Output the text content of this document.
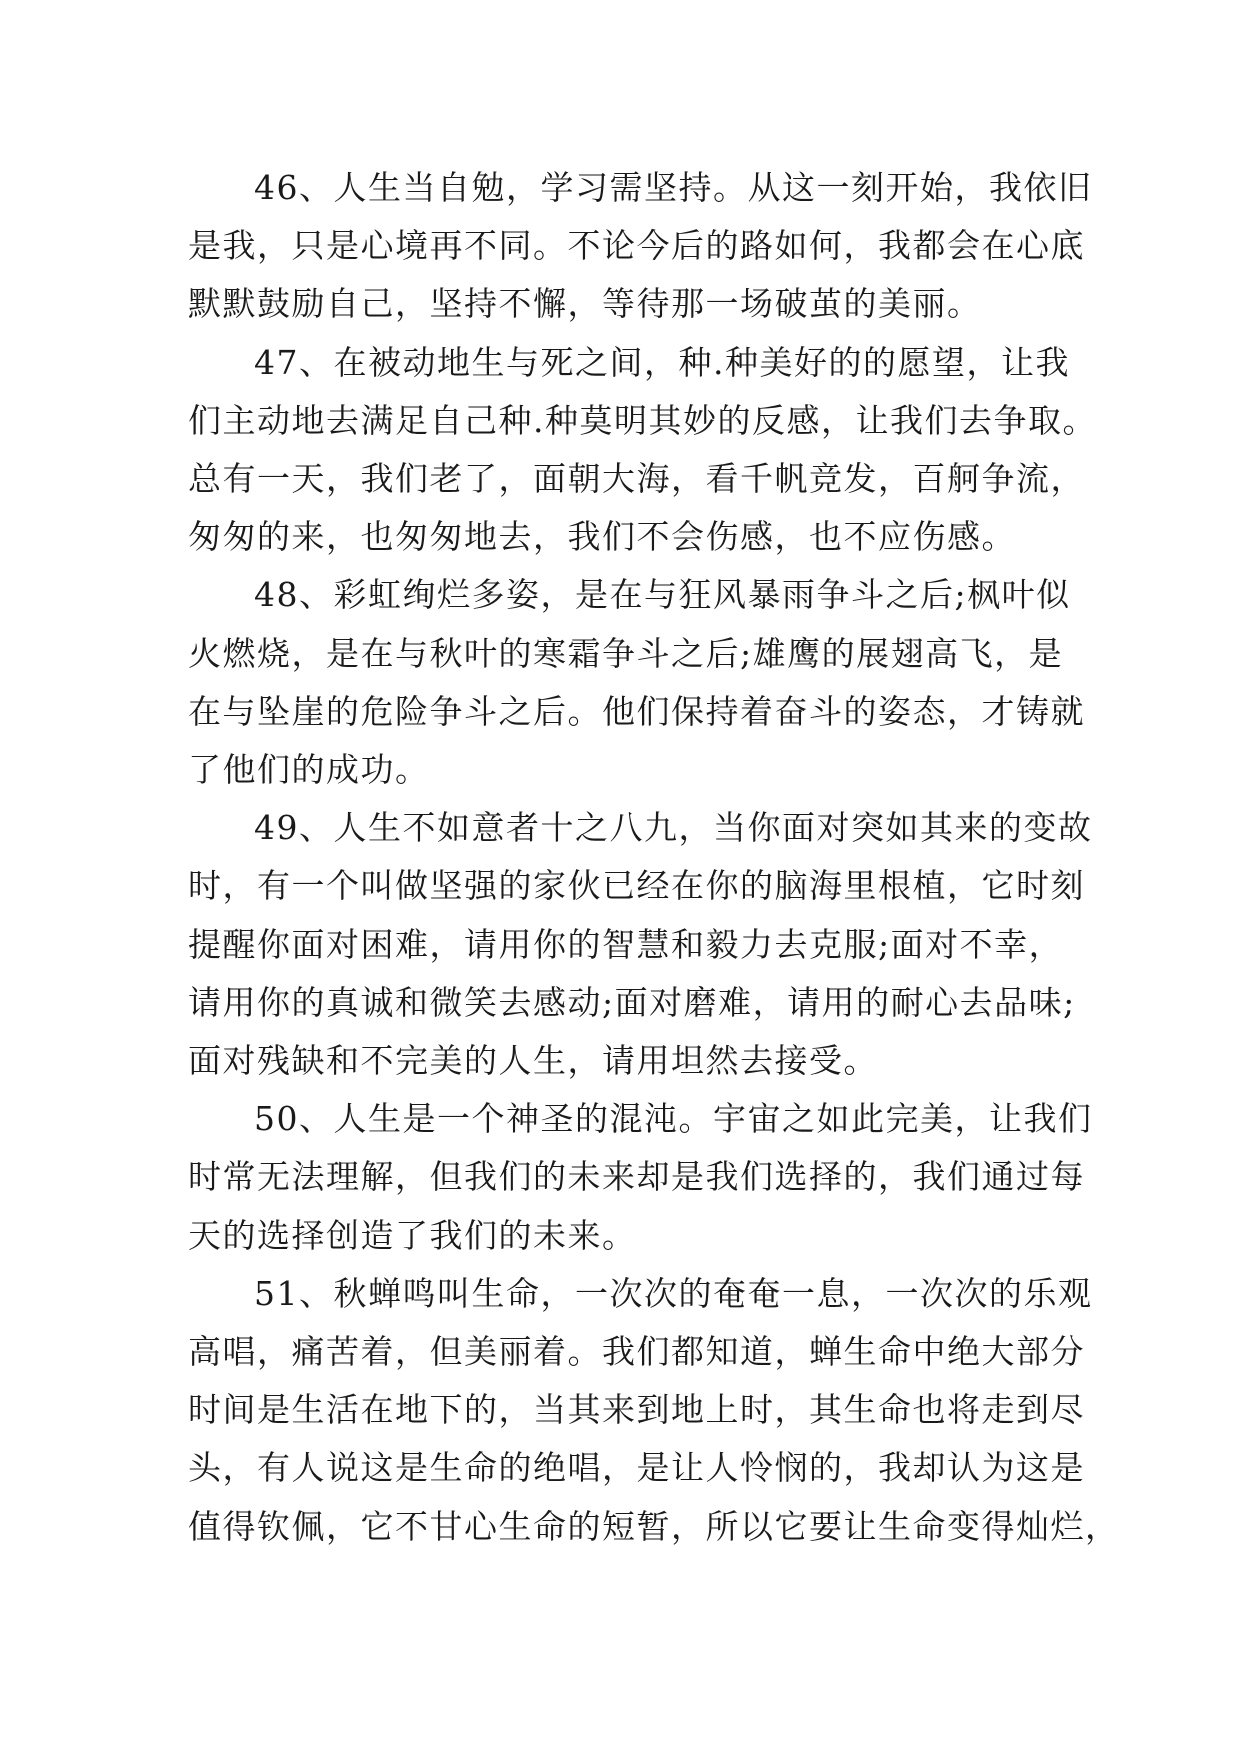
46、人生当自勉，学习需坚持。从这一刻开始，我依旧
是我，只是心境再不同。不论今后的路如何，我都会在心底
默默鼓励自己，坚持不懈，等待那一场破茧的美丽。
47、在被动地生与死之间，种.种美好的的愿望，让我
们主动地去满足自己种.种莫明其妙的反感，让我们去争取。
总有一天，我们老了，面朝大海，看千帆竞发，百舸争流，
匆匆的来，也匆匆地去，我们不会伤感，也不应伤感。
48、彩虹绚烂多姿，是在与狂风暴雨争斗之后;枫叶似
火燃烧，是在与秋叶的寒霜争斗之后;雄鹰的展翅高飞，是
在与坠崖的危险争斗之后。他们保持着奋斗的姿态，才铸就
了他们的成功。
49、人生不如意者十之八九，当你面对突如其来的变故
时，有一个叫做坚强的家伙已经在你的脑海里根植，它时刻
提醒你面对困难，请用你的智慧和毅力去克服;面对不幸，
请用你的真诚和微笑去感动;面对磨难，请用的耐心去品味;
面对残缺和不完美的人生，请用坦然去接受。
50、人生是一个神圣的混沌。宇宙之如此完美，让我们
时常无法理解，但我们的未来却是我们选择的，我们通过每
天的选择创造了我们的未来。
51、秋蝉鸣叫生命，一次次的奄奄一息，一次次的乐观
高唱，痛苦着，但美丽着。我们都知道，蝉生命中绝大部分
时间是生活在地下的，当其来到地上时，其生命也将走到尽
头，有人说这是生命的绝唱，是让人怜悯的，我却认为这是
值得钦佩，它不甘心生命的短暂，所以它要让生命变得灿烂，
